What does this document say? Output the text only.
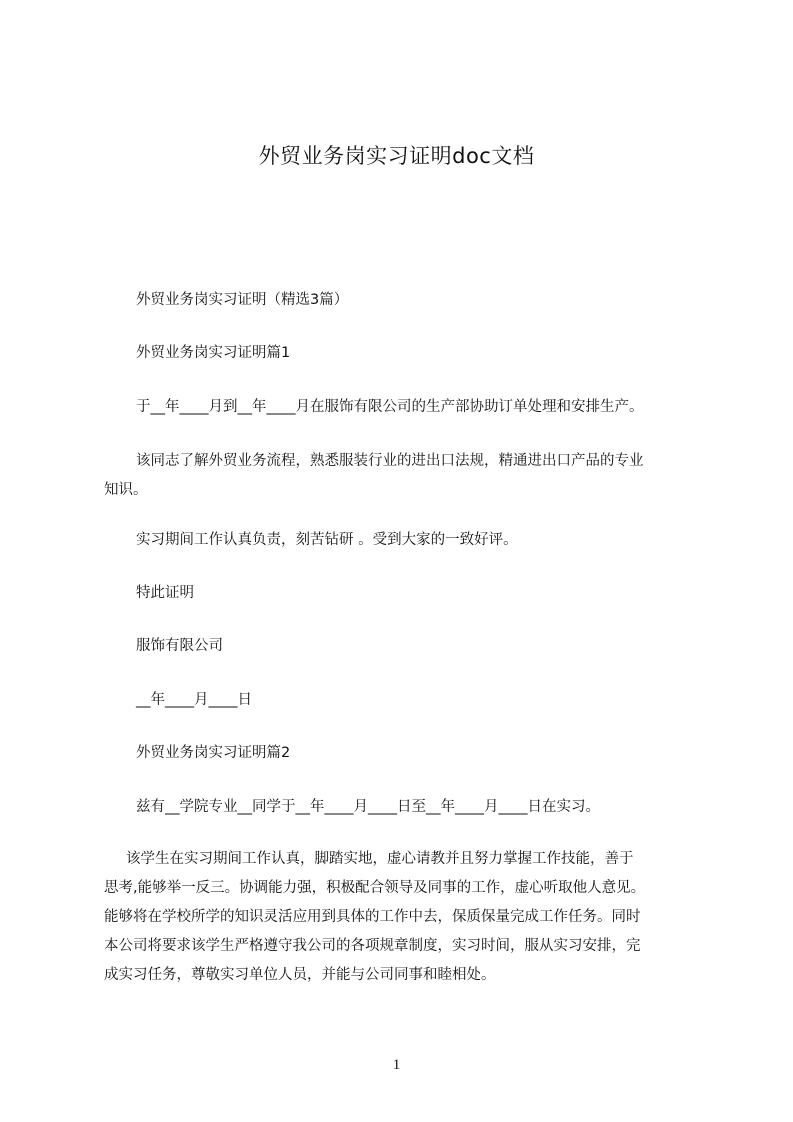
外贸业务岗实习证明doc文档
外贸业务岗实习证明（精选3篇）
外贸业务岗实习证明篇1
于__年____月到__年____月在服饰有限公司的生产部协助订单处理和安排生产。
该同志了解外贸业务流程，熟悉服装行业的进出口法规，精通进出口产品的专业
知识。
实习期间工作认真负责，刻苦钻研 。受到大家的一致好评。
特此证明
服饰有限公司
__年____月____日
外贸业务岗实习证明篇2
兹有__学院专业__同学于__年____月____日至__年____月____日在实习。
该学生在实习期间工作认真，脚踏实地，虚心请教并且努力掌握工作技能，善于
思考,能够举一反三。协调能力强，积极配合领导及同事的工作，虚心听取他人意见。
能够将在学校所学的知识灵活应用到具体的工作中去，保质保量完成工作任务。同时
本公司将要求该学生严格遵守我公司的各项规章制度，实习时间，服从实习安排，完
成实习任务，尊敬实习单位人员，并能与公司同事和睦相处。
1
